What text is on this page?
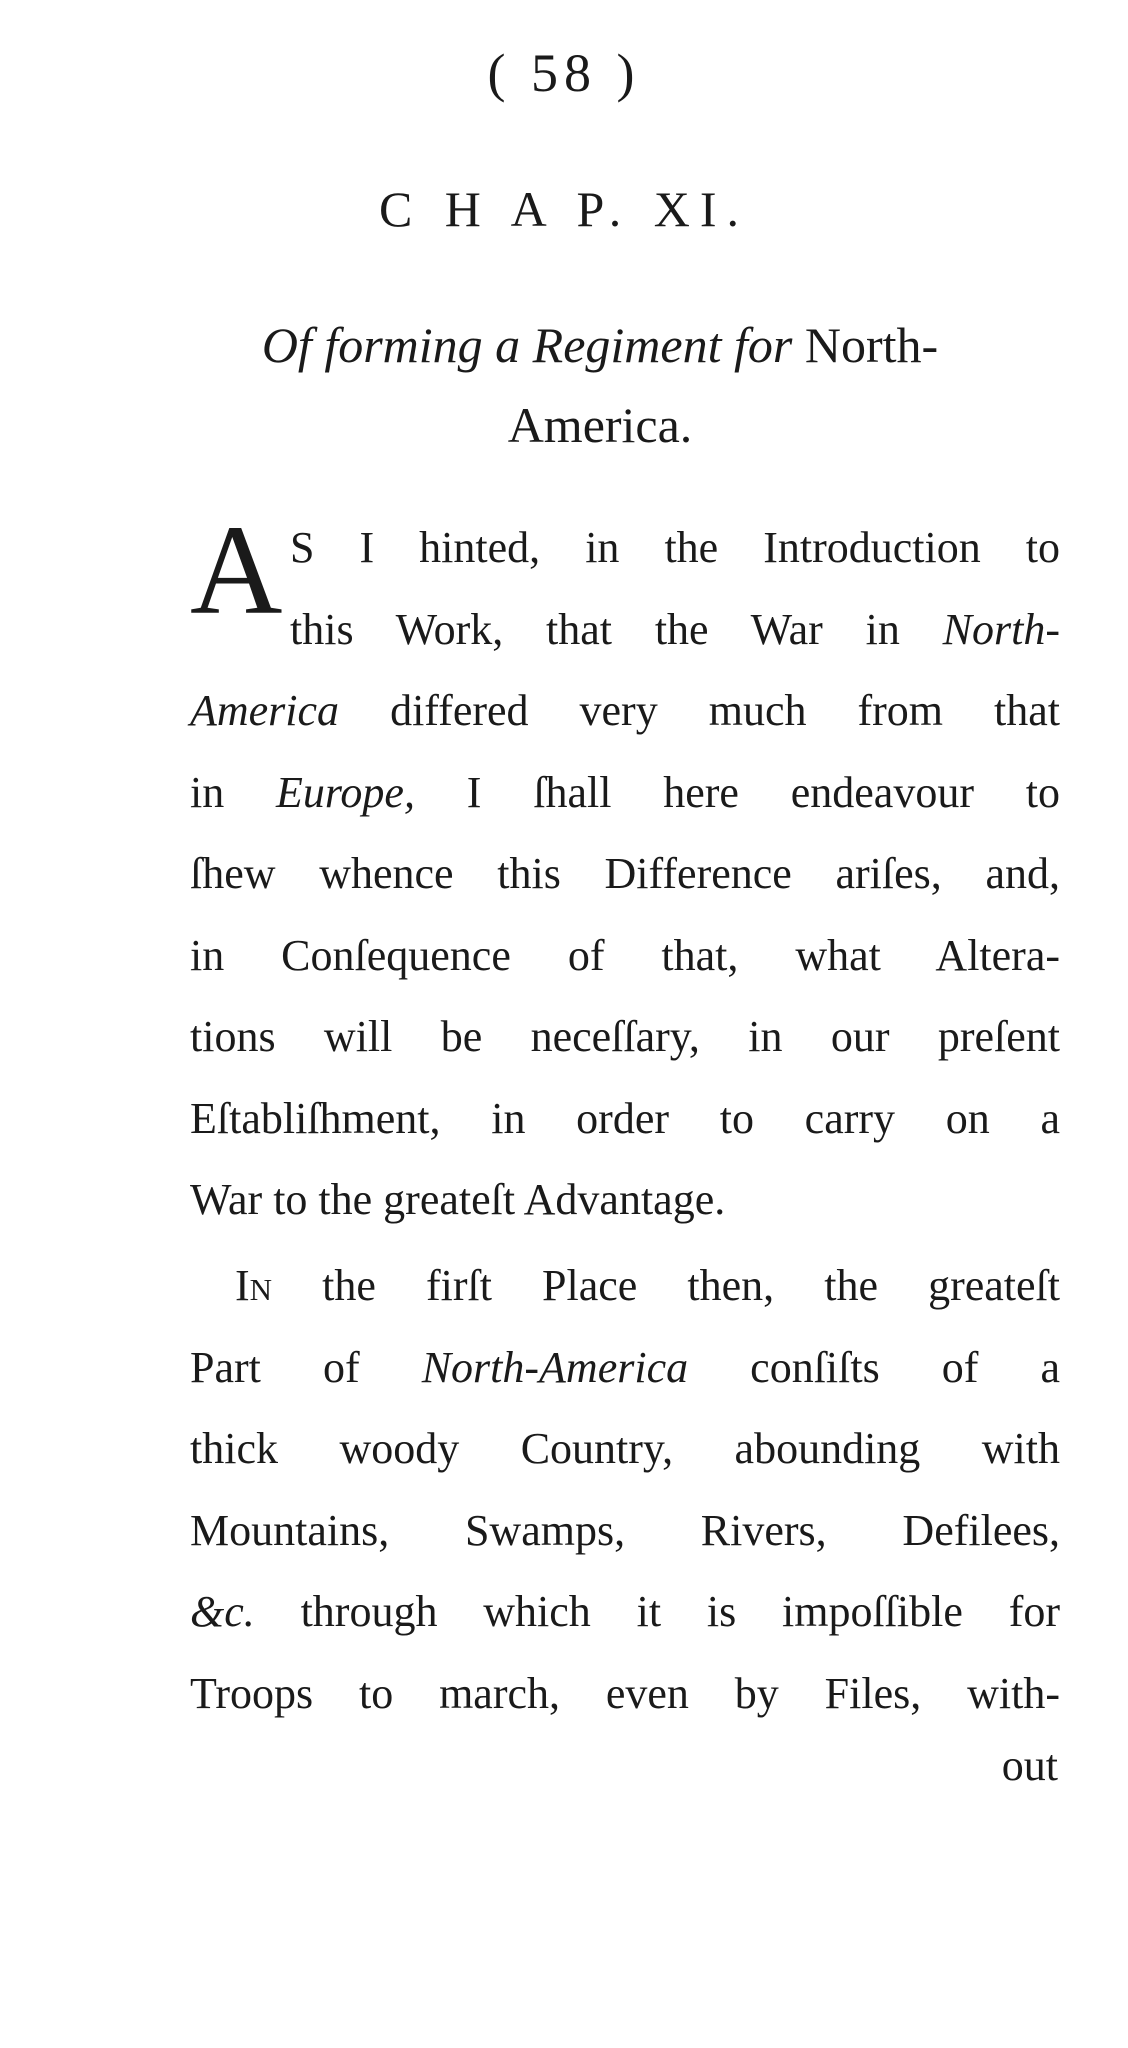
( 58 )
C H A P. XI.
Of forming a Regiment for North-
America.
A S I hinted, in the Introduction to
this Work, that the War in North-
America differed very much from that
in Europe, I ſhall here endeavour to
ſhew whence this Difference ariſes, and,
in Conſequence of that, what Altera-
tions will be neceſſary, in our preſent
Eſtabliſhment, in order to carry on a
War to the greateſt Advantage.
In the firſt Place then, the greateſt
Part of North-America conſiſts of a
thick woody Country, abounding with
Mountains, Swamps, Rivers, Defilees,
&c. through which it is impoſſible for
Troops to march, even by Files, with-
out
